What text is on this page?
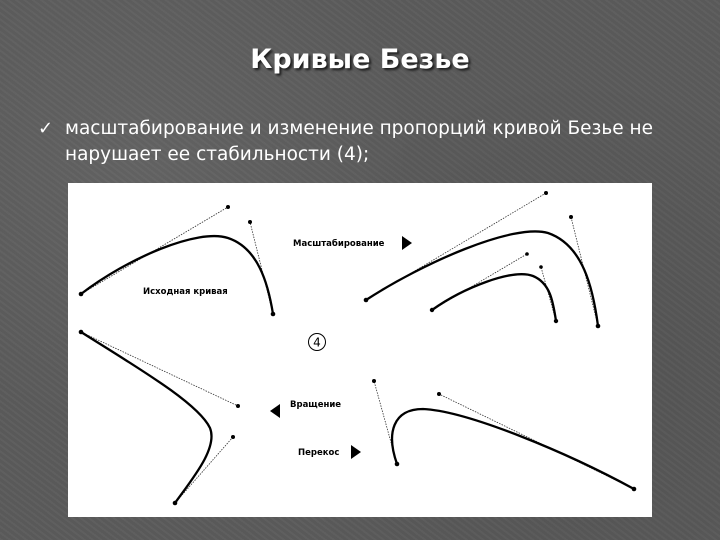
Кривые Безье
✓ масштабирование и изменение пропорций кривой Безье не нарушает ее стабильности (4);
Исходная кривая
Масштабирование
4
Вращение
Перекос
